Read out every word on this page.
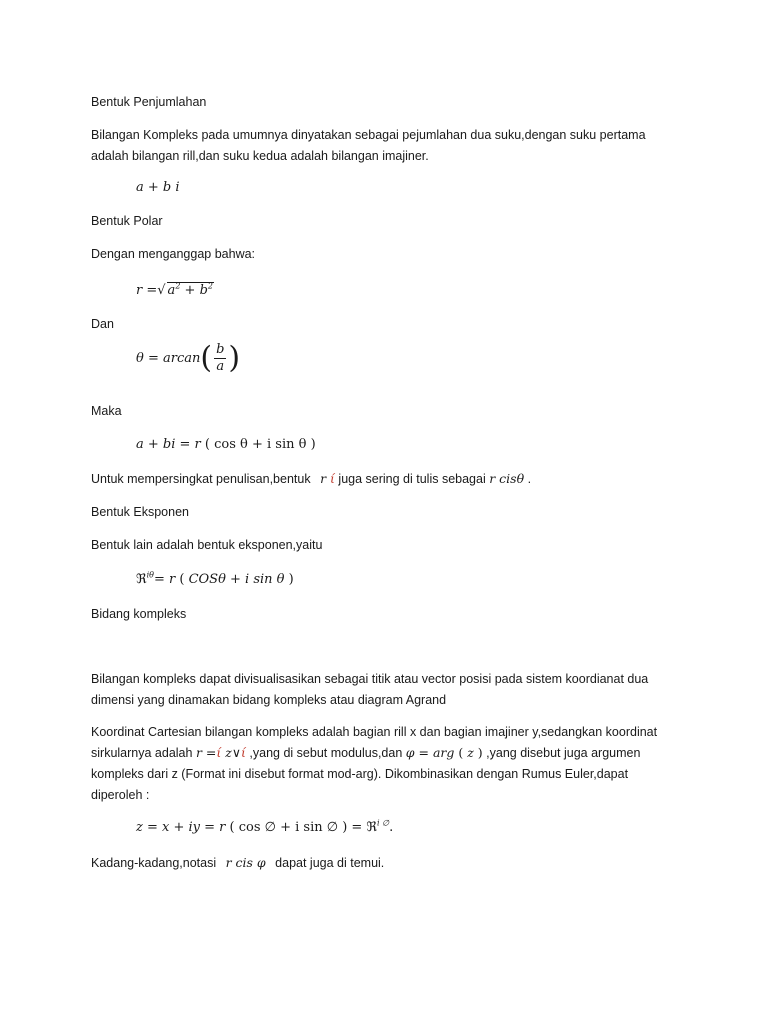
Bentuk Penjumlahan
Bilangan Kompleks pada umumnya dinyatakan sebagai pejumlahan dua suku,dengan suku pertama
adalah bilangan rill,dan suku kedua adalah bilangan imajiner.
a + b i
Bentuk Polar
Dengan menganggap bahwa:
r =√ $a^2 + b^2$
Dan
θ = arcan( $\frac{b}{a}$ )
Maka
a + bi = r ( cos θ + i sin θ )
Untuk mempersingkat penulisan,bentuk r ί juga sering di tulis sebagai r cisθ .
Bentuk Eksponen
Bentuk lain adalah bentuk eksponen,yaitu
ℜ$^{i\theta}$= r ( COSθ + i sin θ )
Bidang kompleks
Bilangan kompleks dapat divisualisasikan sebagai titik atau vector posisi pada sistem koordianat dua
dimensi yang dinamakan bidang kompleks atau diagram Agrand
Koordinat Cartesian bilangan kompleks adalah bagian rill x dan bagian imajiner y,sedangkan koordinat
sirkularnya adalah r =ί z∨ί ,yang di sebut modulus,dan φ = arg ( z ) ,yang disebut juga argumen
kompleks dari z (Format ini disebut format mod-arg). Dikombinasikan dengan Rumus Euler,dapat
diperoleh :
z = x + iy = r ( cos ∅ + i sin ∅ ) = ℜ$^{i \emptyset}$.
Kadang-kadang,notasi r cis φ dapat juga di temui.
